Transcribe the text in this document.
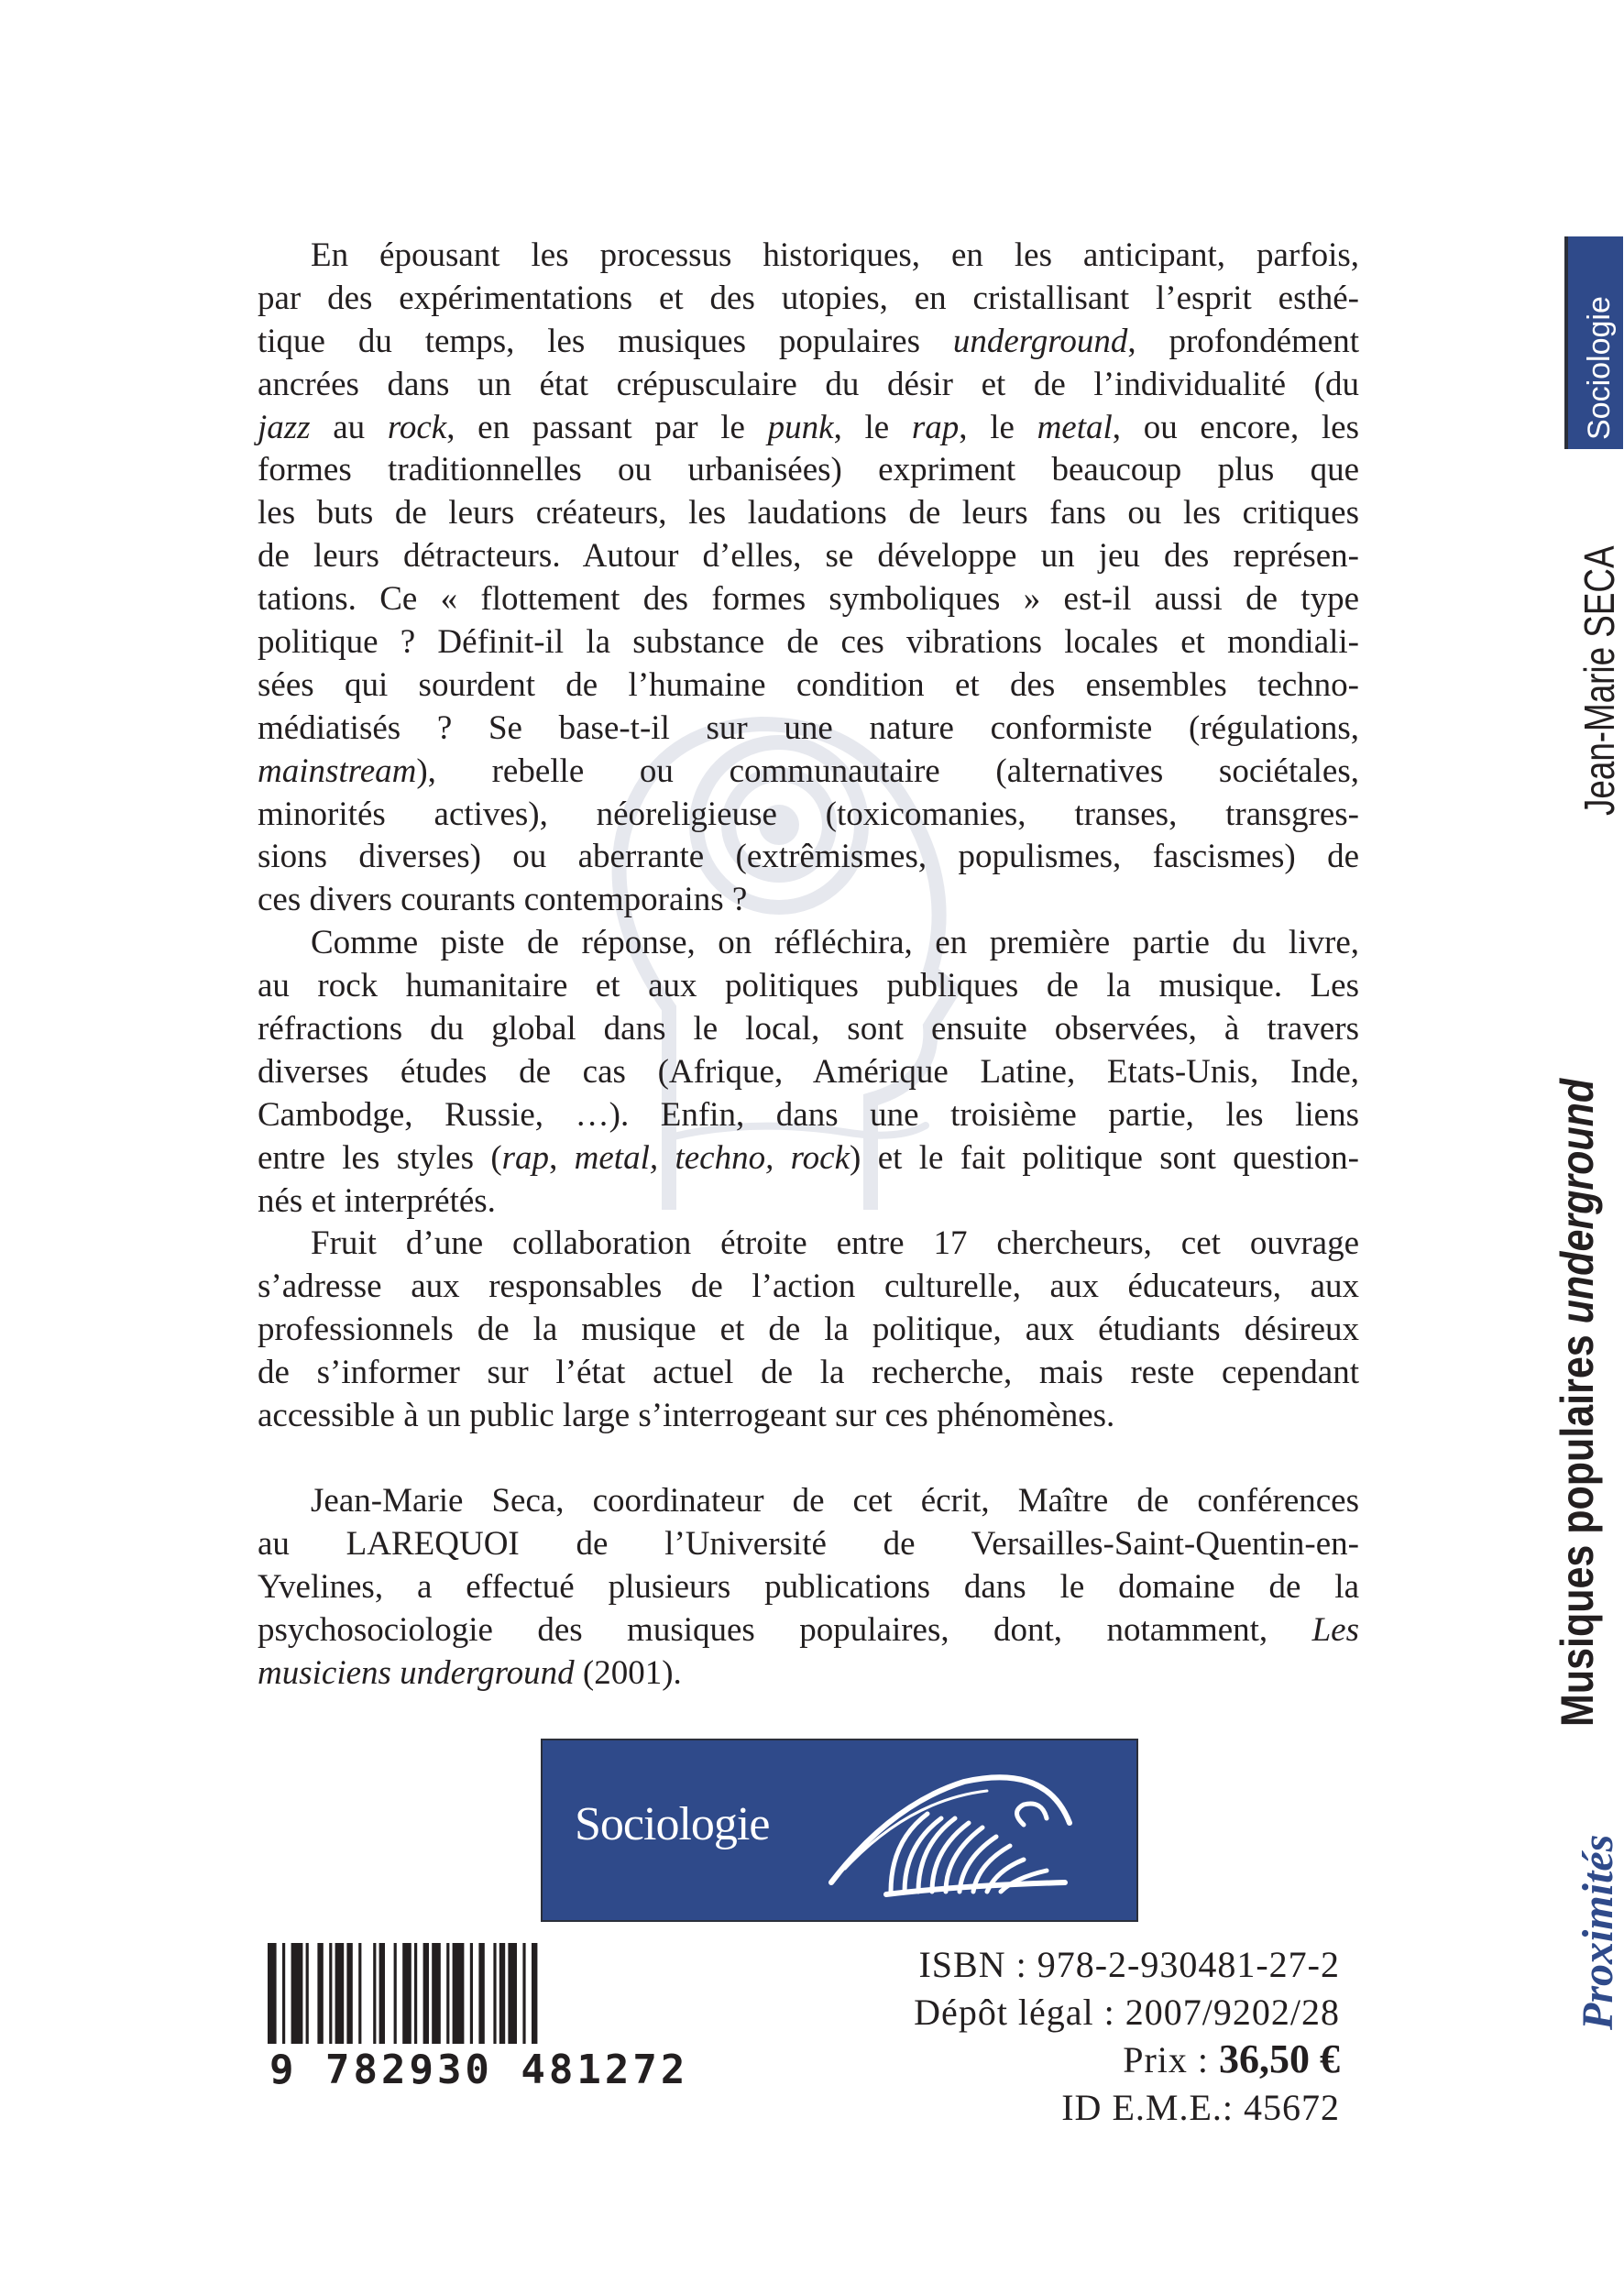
En épousant les processus historiques, en les anticipant, parfois,
par des expérimentations et des utopies, en cristallisant l’esprit esthé-
tique du temps, les musiques populaires underground, profondément
ancrées dans un état crépusculaire du désir et de l’individualité (du
jazz au rock, en passant par le punk, le rap, le metal, ou encore, les
formes traditionnelles ou urbanisées) expriment beaucoup plus que
les buts de leurs créateurs, les laudations de leurs fans ou les critiques
de leurs détracteurs. Autour d’elles, se développe un jeu des représen-
tations. Ce « flottement des formes symboliques » est-il aussi de type
politique ? Définit-il la substance de ces vibrations locales et mondiali-
sées qui sourdent de l’humaine condition et des ensembles techno-
médiatisés ? Se base-t-il sur une nature conformiste (régulations,
mainstream), rebelle ou communautaire (alternatives sociétales,
minorités actives), néoreligieuse (toxicomanies, transes, transgres-
sions diverses) ou aberrante (extrêmismes, populismes, fascismes) de
ces divers courants contemporains ?
Comme piste de réponse, on réfléchira, en première partie du livre,
au rock humanitaire et aux politiques publiques de la musique. Les
réfractions du global dans le local, sont ensuite observées, à travers
diverses études de cas (Afrique, Amérique Latine, Etats-Unis, Inde,
Cambodge, Russie, …). Enfin, dans une troisième partie, les liens
entre les styles (rap, metal, techno, rock) et le fait politique sont question-
nés et interprétés.
Fruit d’une collaboration étroite entre 17 chercheurs, cet ouvrage
s’adresse aux responsables de l’action culturelle, aux éducateurs, aux
professionnels de la musique et de la politique, aux étudiants désireux
de s’informer sur l’état actuel de la recherche, mais reste cependant
accessible à un public large s’interrogeant sur ces phénomènes.
Jean-Marie Seca, coordinateur de cet écrit, Maître de conférences
au LAREQUOI de l’Université de Versailles-Saint-Quentin-en-
Yvelines, a effectué plusieurs publications dans le domaine de la
psychosociologie des musiques populaires, dont, notamment, Les
musiciens underground (2001).
Sociologie
9 782930 481272
ISBN : 978-2-930481-27-2
Dépôt légal : 2007/9202/28
Prix : 36,50 €
ID E.M.E.: 45672
Sociologie
Jean-Marie SECA
Musiques populaires underground
Proximités
